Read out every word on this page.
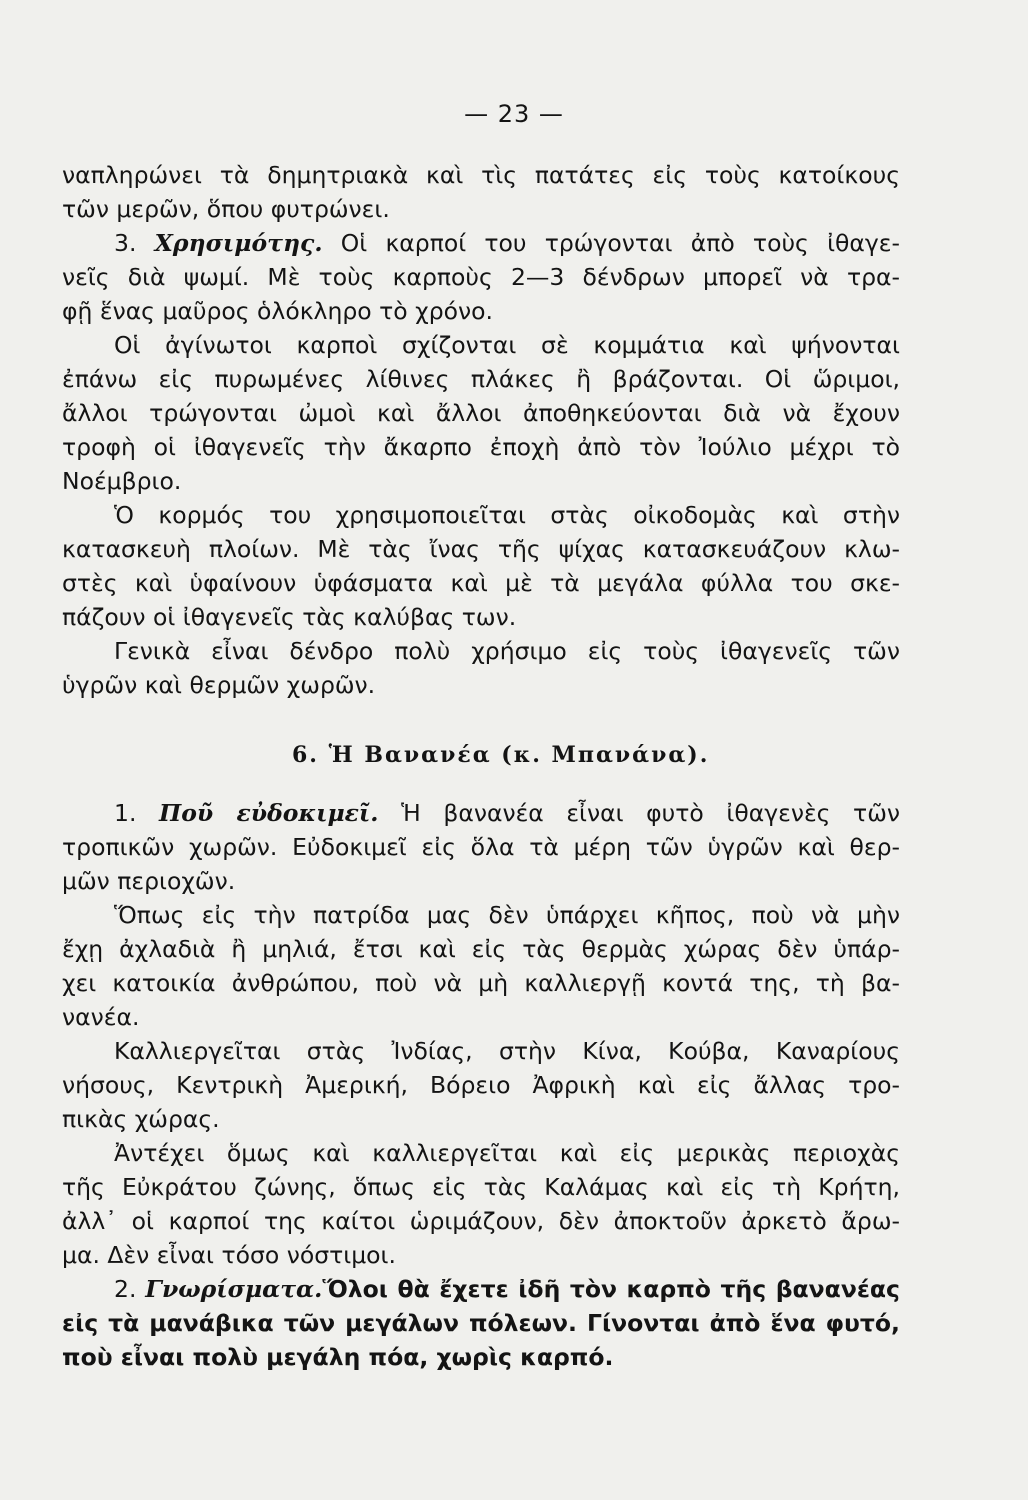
— 23 —
ναπληρώνει τὰ δημητριακὰ καὶ τὶς πατάτες εἰς τοὺς κατοίκους
τῶν μερῶν, ὅπου φυτρώνει.
3. Χρησιμότης. Οἱ καρποί του τρώγονται ἀπὸ τοὺς ἰθαγε-
νεῖς διὰ ψωμί. Μὲ τοὺς καρποὺς 2—3 δένδρων μπορεῖ νὰ τρα-
φῇ ἕνας μαῦρος ὁλόκληρο τὸ χρόνο.
Οἱ ἀγίνωτοι καρποὶ σχίζονται σὲ κομμάτια καὶ ψήνονται
ἐπάνω εἰς πυρωμένες λίθινες πλάκες ἢ βράζονται. Οἱ ὥριμοι,
ἄλλοι τρώγονται ὠμοὶ καὶ ἄλλοι ἀποθηκεύονται διὰ νὰ ἔχουν
τροφὴ οἱ ἰθαγενεῖς τὴν ἄκαρπο ἐποχὴ ἀπὸ τὸν Ἰούλιο μέχρι τὸ
Νοέμβριο.
Ὁ κορμός του χρησιμοποιεῖται στὰς οἰκοδομὰς καὶ στὴν
κατασκευὴ πλοίων. Μὲ τὰς ἴνας τῆς ψίχας κατασκευάζουν κλω-
στὲς καὶ ὑφαίνουν ὑφάσματα καὶ μὲ τὰ μεγάλα φύλλα του σκε-
πάζουν οἱ ἰθαγενεῖς τὰς καλύβας των.
Γενικὰ εἶναι δένδρο πολὺ χρήσιμο εἰς τοὺς ἰθαγενεῖς τῶν
ὑγρῶν καὶ θερμῶν χωρῶν.
6. Ἡ Βανανέα (κ. Μπανάνα).
1. Ποῦ εὐδοκιμεῖ. Ἡ βανανέα εἶναι φυτὸ ἰθαγενὲς τῶν
τροπικῶν χωρῶν. Εὐδοκιμεῖ εἰς ὅλα τὰ μέρη τῶν ὑγρῶν καὶ θερ-
μῶν περιοχῶν.
Ὅπως εἰς τὴν πατρίδα μας δὲν ὑπάρχει κῆπος, ποὺ νὰ μὴν
ἔχῃ ἀχλαδιὰ ἢ μηλιά, ἔτσι καὶ εἰς τὰς θερμὰς χώρας δὲν ὑπάρ-
χει κατοικία ἀνθρώπου, ποὺ νὰ μὴ καλλιεργῇ κοντά της, τὴ βα-
νανέα.
Καλλιεργεῖται στὰς Ἰνδίας, στὴν Κίνα, Κούβα, Καναρίους
νήσους, Κεντρικὴ Ἀμερική, Βόρειο Ἀφρικὴ καὶ εἰς ἄλλας τρο-
πικὰς χώρας.
Ἀντέχει ὅμως καὶ καλλιεργεῖται καὶ εἰς μερικὰς περιοχὰς
τῆς Εὐκράτου ζώνης, ὅπως εἰς τὰς Καλάμας καὶ εἰς τὴ Κρήτη,
ἀλλ᾽ οἱ καρποί της καίτοι ὡριμάζουν, δὲν ἀποκτοῦν ἀρκετὸ ἄρω-
μα. Δὲν εἶναι τόσο νόστιμοι.
2. Γνωρίσματα.Ὅλοι θὰ ἔχετε ἰδῆ τὸν καρπὸ τῆς βανανέας
εἰς τὰ μανάβικα τῶν μεγάλων πόλεων. Γίνονται ἀπὸ ἕνα φυτό,
ποὺ εἶναι πολὺ μεγάλη πόα, χωρὶς καρπό.
